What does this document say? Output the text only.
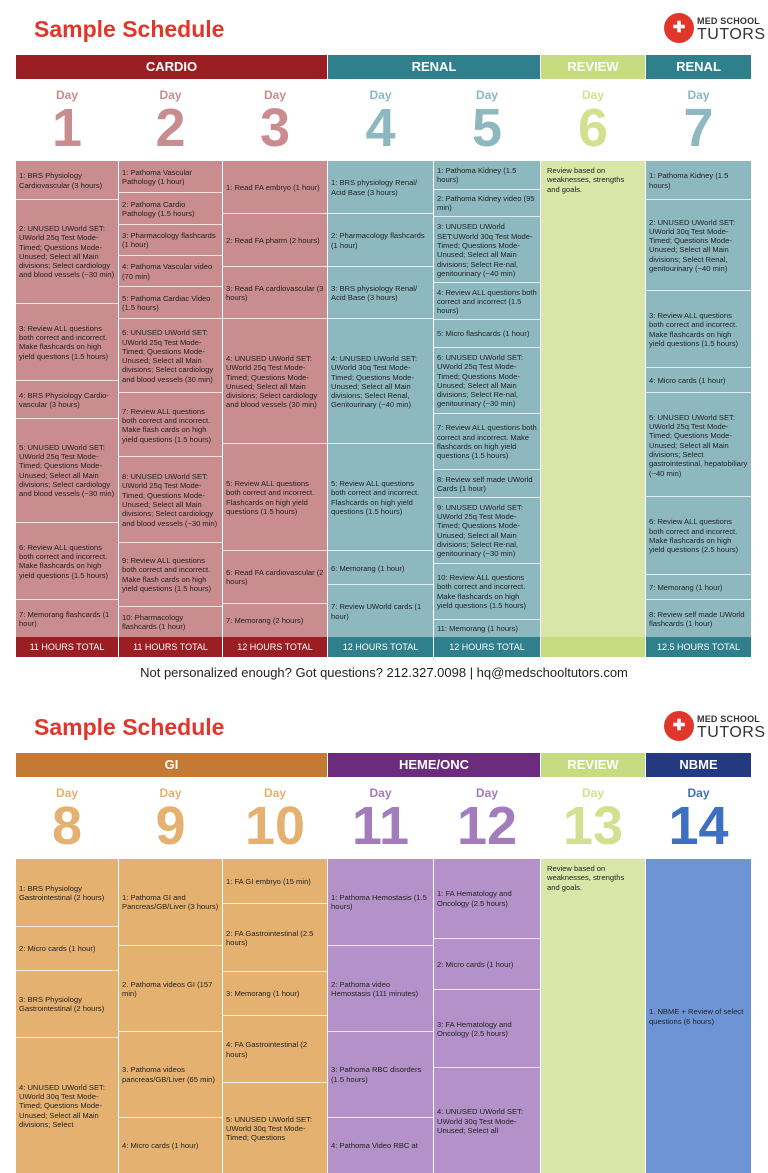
Sample Schedule	✚	MED SCHOOL
TUTORS
CARDIO	RENAL	REVIEW	RENAL
Day
1
1: BRS Physiology Cardiovascular (3 hours)
2: UNUSED UWorld SET: UWorld 25q Test Mode-Timed; Questions Mode-Unused; Select all Main divisions; Select cardiology and blood vessels (~30 min)
3: Review ALL questions both correct and incorrect. Make flashcards on high yield questions (1.5 hours)
4: BRS Physiology Cardio-vascular (3 hours)
5: UNUSED UWorld SET: UWorld 25q Test Mode-Timed; Questions Mode-Unused; Select all Main divisions; Select cardiology and blood vessels (~30 min)
6: Review ALL questions both correct and incorrect. Make flashcards on high yield questions (1.5 hours)
7: Memorang flashcards (1 hour)
11 HOURS TOTAL
Day
2
1: Pathoma Vascular Pathology (1 hour)
2: Pathoma Cardio Pathology (1.5 hours)
3: Pharmacology flashcards (1 hour)
4: Pathoma Vascular video (70 min)
5: Pathoma Cardiac Video (1.5 hours)
6: UNUSED UWorld SET: UWorld 25q Test Mode-Timed; Questions Mode-Unused; Select all Main divisions; Select cardiology and blood vessels (30 min)
7: Review ALL questions both correct and incorrect. Make flash cards on high yield questions (1.5 hours)
8: UNUSED UWorld SET: UWorld 25q Test Mode- Timed; Questions Mode-Unused; Select all Main divisions; Select cardiology and blood vessels (~30 min)
9: Review ALL questions both correct and incorrect. Make flash cards on high yield questions (1.5 hours)
10: Pharmacology flashcards (1 hour)
11 HOURS TOTAL
Day
3
1: Read FA embryo (1 hour)
2: Read FA pharm (2 hours)
3: Read FA cardiovascular (3 hours)
4: UNUSED UWorld SET: UWorld 25q Test Mode-Timed; Questions Mode-Unused; Select all Main divisions; Select cardiology and blood vessels (30 min)
5: Review ALL questions both correct and incorrect. Flashcards on high yield questions (1.5 hours)
6: Read FA cardiovascular (2 hours)
7: Memorang (2 hours)
12 HOURS TOTAL
Day
4
1: BRS physiology Renal/ Acid Base (3 hours)
2: Pharmacology flashcards (1 hour)
3: BRS physiology Renal/ Acid Base (3 hours)
4: UNUSED UWorld SET: UWorld 30q Test Mode- Timed; Questions Mode-Unused; Select all Main divisions; Select Renal, Genitourinary (~40 min)
5: Review ALL questions both correct and incorrect. Flashcards on high yield questions (1.5 hours)
6: Memorang (1 hour)
7: Review UWorld cards (1 hour)
12 HOURS TOTAL
Day
5
1: Pathoma Kidney (1.5 hours)
2: Pathoma Kidney video (95 min)
3: UNUSED UWorld SET:UWorld 30q Test Mode- Timed; Questions Mode-Unused; Select all Main divisions; Select Re-nal, genitourinary (~40 min)
4: Review ALL questions both correct and incorrect (1.5 hours)
5: Micro flashcards (1 hour)
6: UNUSED UWorld SET: UWorld 25q Test Mode- Timed; Questions Mode-Unused; Select all Main divisions; Select Re-nal, genitourinary (~30 min)
7: Review ALL questions both correct and incorrect. Make flashcards on high yield questions (1.5 hours)
8: Review self made UWorld Cards (1 hour)
9: UNUSED UWorld SET: UWorld 25q Test Mode- Timed; Questions Mode-Unused; Select all Main divisions; Select Re-nal, genitourinary (~30 min)
10: Review ALL questions both correct and incorrect. Make flashcards on high yield questions (1.5 hours)
11: Memorang (1 hours)
12 HOURS TOTAL
Day
6
Review based on weaknesses, strengths and goals.
Day
7
1: Pathoma Kidney (1.5 hours)
2: UNUSED UWorld SET: UWorld 30q Test Mode- Timed; Questions Mode-Unused; Select all Main divisions; Select Renal, genitourinary (~40 min)
3: Review ALL questions both correct and incorrect. Make flashcards on high yield questions (1.5 hours)
4: Micro cards (1 hour)
5: UNUSED UWorld SET: UWorld 25q Test Mode- Timed; Questions Mode-Unused; Select all Main divisions; Select gastrointestinal, hepatobiliary (~40 min)
6: Review ALL questions both correct and incorrect. Make flashcards on high yield questions (2.5 hours)
7: Memorang (1 hour)
8: Review self made UWorld flashcards (1 hour)
12.5 HOURS TOTAL
Not personalized enough? Got questions? 212.327.0098 | hq@medschooltutors.com
Sample Schedule	✚	MED SCHOOL
TUTORS
GI	HEME/ONC	REVIEW	NBME
Day
8
1: BRS Physiology Gastrointestinal (2 hours)
2: Micro cards (1 hour)
3: BRS Physiology Gastrointestinal (2 hours)
4: UNUSED UWorld SET: UWorld 30q Test Mode-Timed; Questions Mode-Unused; Select all Main divisions; Select
Day
9
1: Pathoma GI and Pancreas/GB/Liver (3 hours)
2. Pathoma videos GI (157 min)
3. Pathoma videos pancreas/GB/Liver (65 min)
4: Micro cards (1 hour)
Day
10
1: FA GI embryo (15 min)
2: FA Gastrointestinal (2.5 hours)
3: Memorang (1 hour)
4: FA Gastrointestinal (2 hours)
5: UNUSED UWorld SET: UWorld 30q Test Mode-Timed; Questions
Day
11
1: Pathoma Hemostasis (1.5 hours)
2: Pathoma video Hemostasis (111 minutes)
3: Pathoma RBC disorders (1.5 hours)
4: Pathoma Video RBC at
Day
12
1: FA Hematology and Oncology (2.5 hours)
2: Micro cards (1 hour)
3: FA Hematology and Oncology (2.5 hours)
4: UNUSED UWorld SET: UWorld 30q Test Mode-Unused; Select all
Day
13
Review based on weaknesses, strengths and goals.
Day
14
1. NBME + Review of select questions (6 hours)
